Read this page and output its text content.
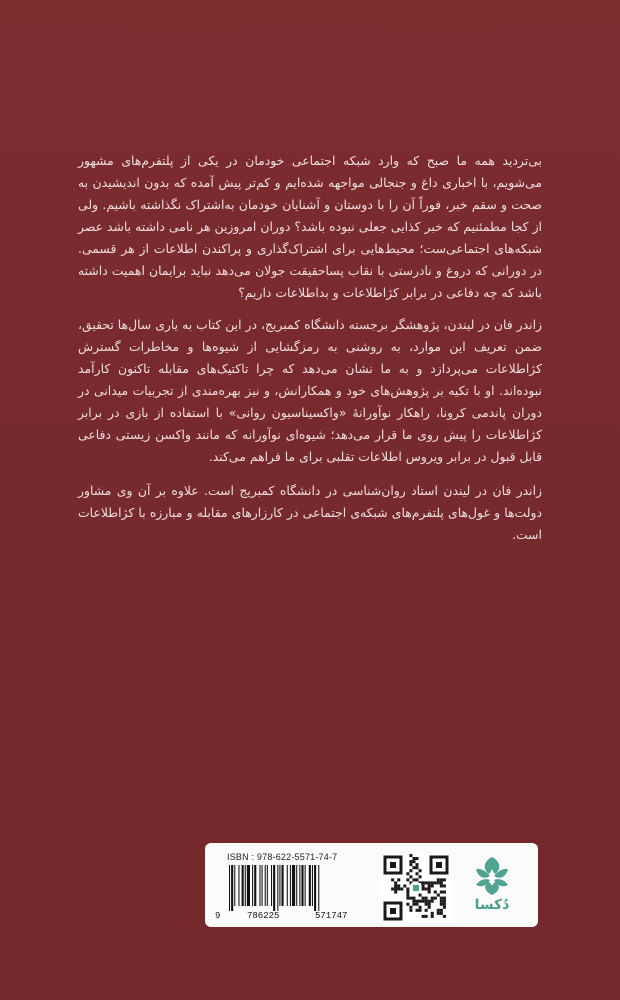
بی‌تردید همه ما صبح که وارد شبکه اجتماعی خودمان در یکی از پلتفرم‌های مشهور می‌شویم، با اخباری داغ و جنجالی مواجهه شده‌ایم و کم‌تر پیش آمده که بدون اندیشیدن به صحت و سقم خبر، فوراً آن را با دوستان و آشنایان خودمان به‌اشتراک نگذاشته باشیم. ولی از کجا مطمئنیم که خبر کذایی جعلی نبوده باشد؟ دوران امروزین هر نامی داشته باشد عصر شبکه‌های اجتماعی‌ست؛ محیط‌هایی برای اشتراک‌گذاری و پراکندن اطلاعات از هر قسمی. در دورانی که دروغ و نادرستی با نقاب پساحقیقت جولان می‌دهد نباید برایمان اهمیت داشته باشد که چه دفاعی در برابر کژاطلاعات و بداطلاعات داریم؟

زاندر فان در لیندن، پژوهشگر برجسته دانشگاه کمبریج، در این کتاب به یاری سال‌ها تحقیق، ضمن تعریف این موارد، به روشنی به رمزگشایی از شیوه‌ها و مخاطرات گسترش کژاطلاعات می‌پردازد و به ما نشان می‌دهد که چرا تاکتیک‌های مقابله تاکنون کارآمد نبوده‌اند. او با تکیه بر پژوهش‌های خود و همکارانش، و نیز بهره‌مندی از تجربیات میدانی در دوران پاندمی کرونا، راهکار نوآورانهٔ «واکسیناسیون روانی» با استفاده از بازی در برابر کژاطلاعات را پیش روی ما قرار می‌دهد؛ شیوه‌ای نوآورانه که مانند واکسن زیستی دفاعی قابل قبول در برابر ویروس اطلاعات تقلبی برای ما فراهم می‌کند.

زاندر فان در لیندن استاد روان‌شناسی در دانشگاه کمبریج است. علاوه بر آن وی مشاور دولت‌ها و غول‌های پلتفرم‌های شبکه‌ی اجتماعی در کارزارهای مقابله و مبارزه با کژاطلاعات است.

ISBN : 978-622-5571-74-7
9	786225	571747
دُکسا
